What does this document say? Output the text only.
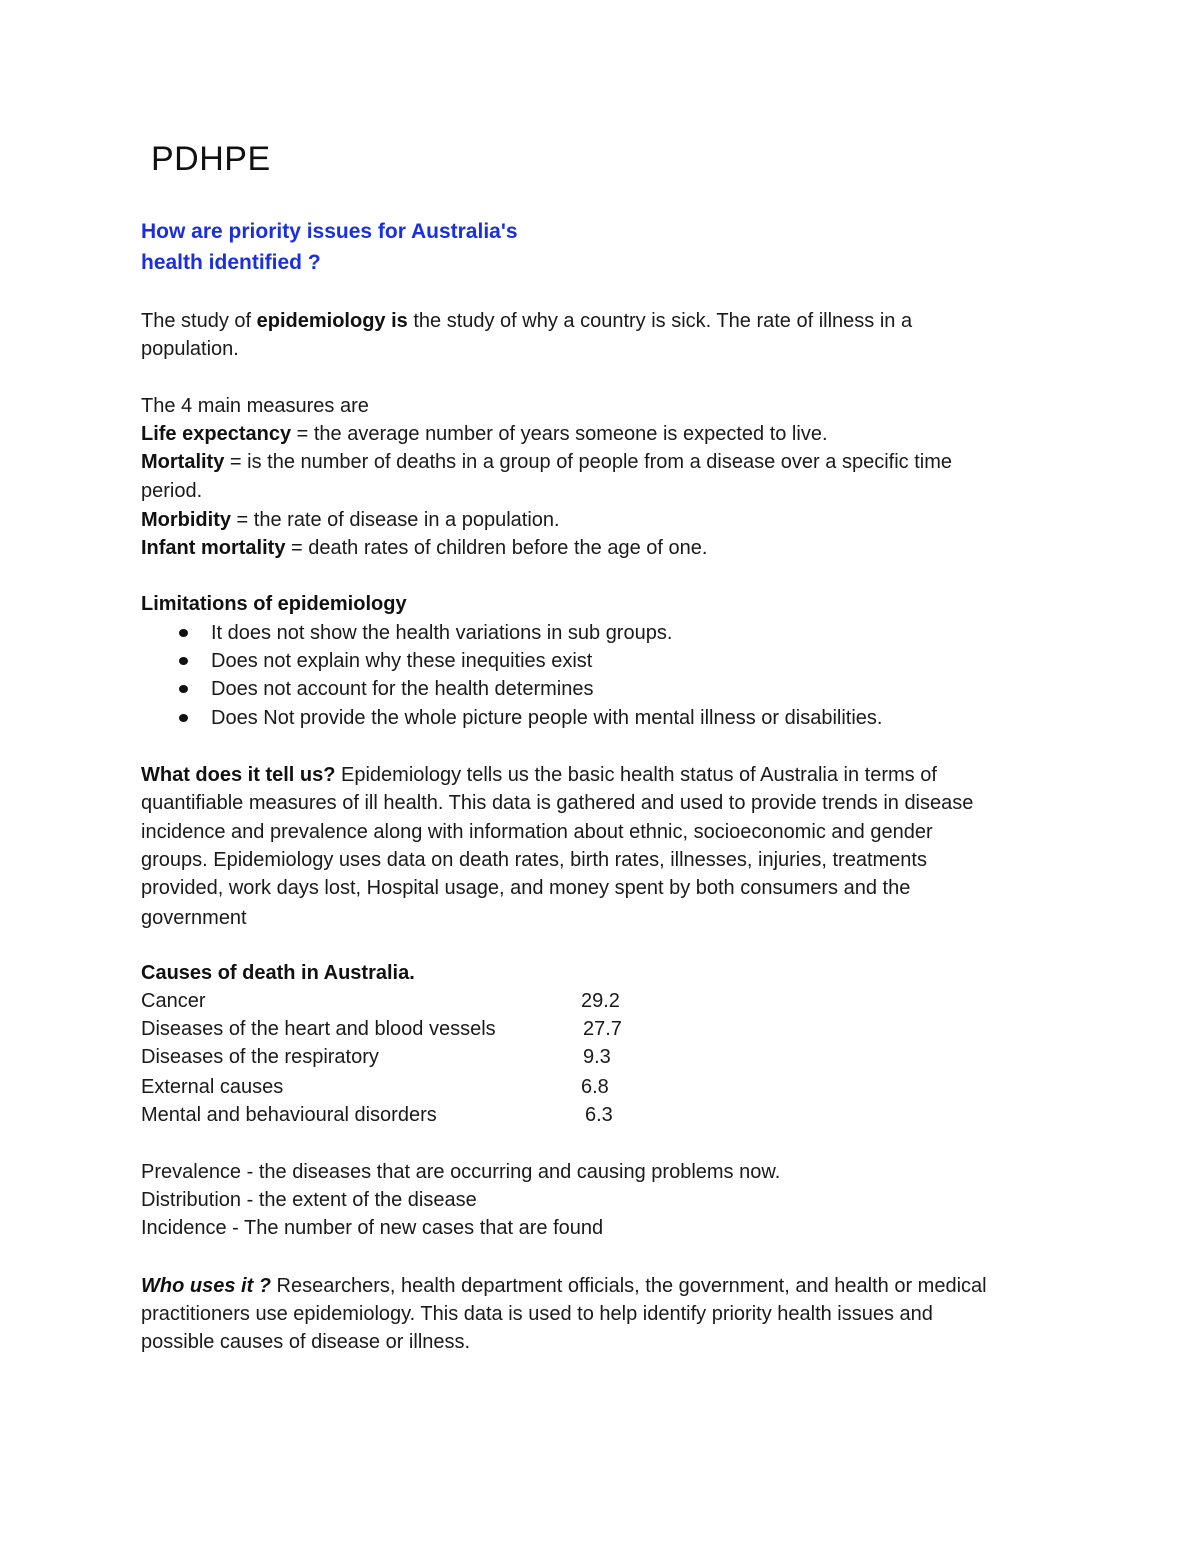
PDHPE
How are priority issues for Australia's
health identified ?

The study of epidemiology is the study of why a country is sick. The rate of illness in a

population.

The 4 main measures are

Life expectancy = the average number of years someone is expected to live.

Mortality = is the number of deaths in a group of people from a disease over a specific time

period.

Morbidity = the rate of disease in a population.

Infant mortality = death rates of children before the age of one.

Limitations of epidemiology

It does not show the health variations in sub groups.
Does not explain why these inequities exist
Does not account for the health determines
Does Not provide the whole picture people with mental illness or disabilities.

What does it tell us? Epidemiology tells us the basic health status of Australia in terms of

quantifiable measures of ill health. This data is gathered and used to provide trends in disease

incidence and prevalence along with information about ethnic, socioeconomic and gender

groups. Epidemiology uses data on death rates, birth rates, illnesses, injuries, treatments

provided, work days lost, Hospital usage, and money spent by both consumers and the

government

Causes of death in Australia.

Cancer	29.2
Diseases of the heart and blood vessels	27.7
Diseases of the respiratory	9.3
External causes	6.8
Mental and behavioural disorders	6.3

Prevalence - the diseases that are occurring and causing problems now.

Distribution - the extent of the disease

Incidence - The number of new cases that are found

Who uses it ? Researchers, health department officials, the government, and health or medical

practitioners use epidemiology. This data is used to help identify priority health issues and

possible causes of disease or illness.
